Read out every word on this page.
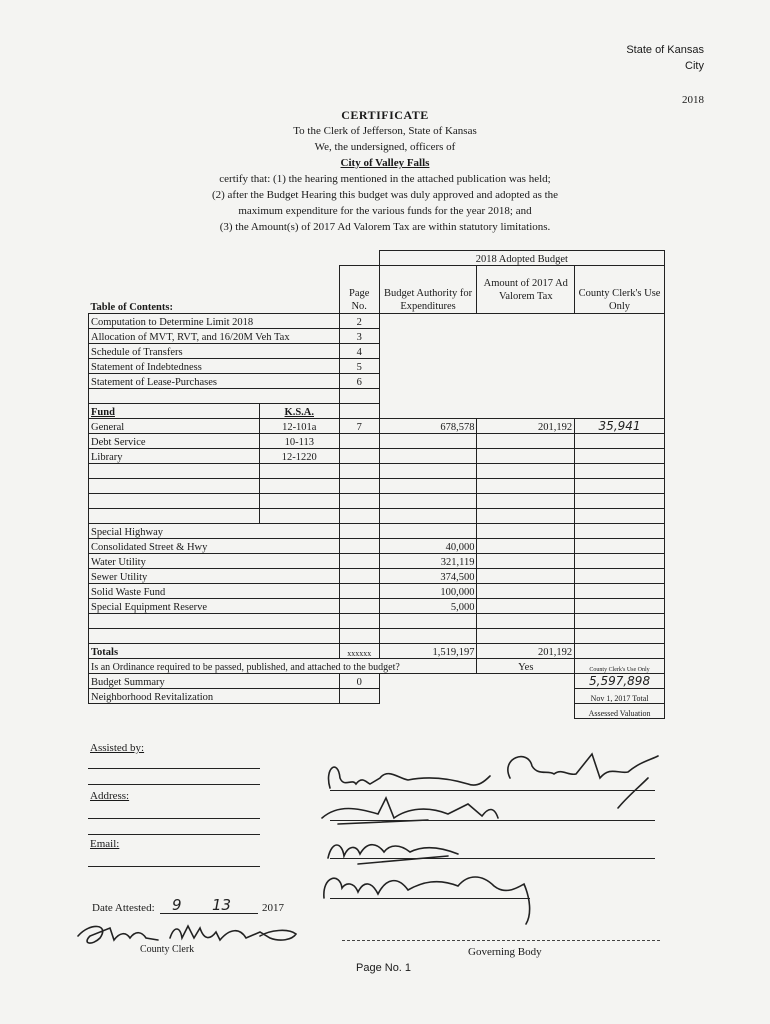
State of Kansas
City
2018
CERTIFICATE
To the Clerk of Jefferson, State of Kansas
We, the undersigned, officers of
City of Valley Falls
certify that: (1) the hearing mentioned in the attached publication was held;
(2) after the Budget Hearing this budget was duly approved and adopted as the
maximum expenditure for the various funds for the year 2018; and
(3) the Amount(s) of 2017 Ad Valorem Tax are within statutory limitations.
			2018 Adopted Budget		
Table of Contents:		Page No.	Budget Authority for Expenditures	Amount of 2017 Ad Valorem Tax	County Clerk's Use Only
Computation to Determine Limit 2018		2			
Allocation of MVT, RVT, and 16/20M Veh Tax		3			
Schedule of Transfers		4			
Statement of Indebtedness		5			
Statement of Lease-Purchases		6			

Fund	K.S.A.				
General	12-101a	7	678,578	201,192	35,941
Debt Service	10-113				
Library	12-1220				

Special Highway					
Consolidated Street & Hwy			40,000		
Water Utility			321,119		
Sewer Utility			374,500		
Solid Waste Fund			100,000		
Special Equipment Reserve			5,000		

Totals		xxxxxx	1,519,197	201,192	
Is an Ordinance required to be passed, published, and attached to the budget?				Yes	County Clerk's Use Only
Budget Summary		0			5,597,898
Neighborhood Revitalization					Nov 1, 2017 Total
					Assessed Valuation
Assisted by:
Address:
Email:
Date Attested: 9 13	2017
County Clerk	Governing Body
Page No. 1
